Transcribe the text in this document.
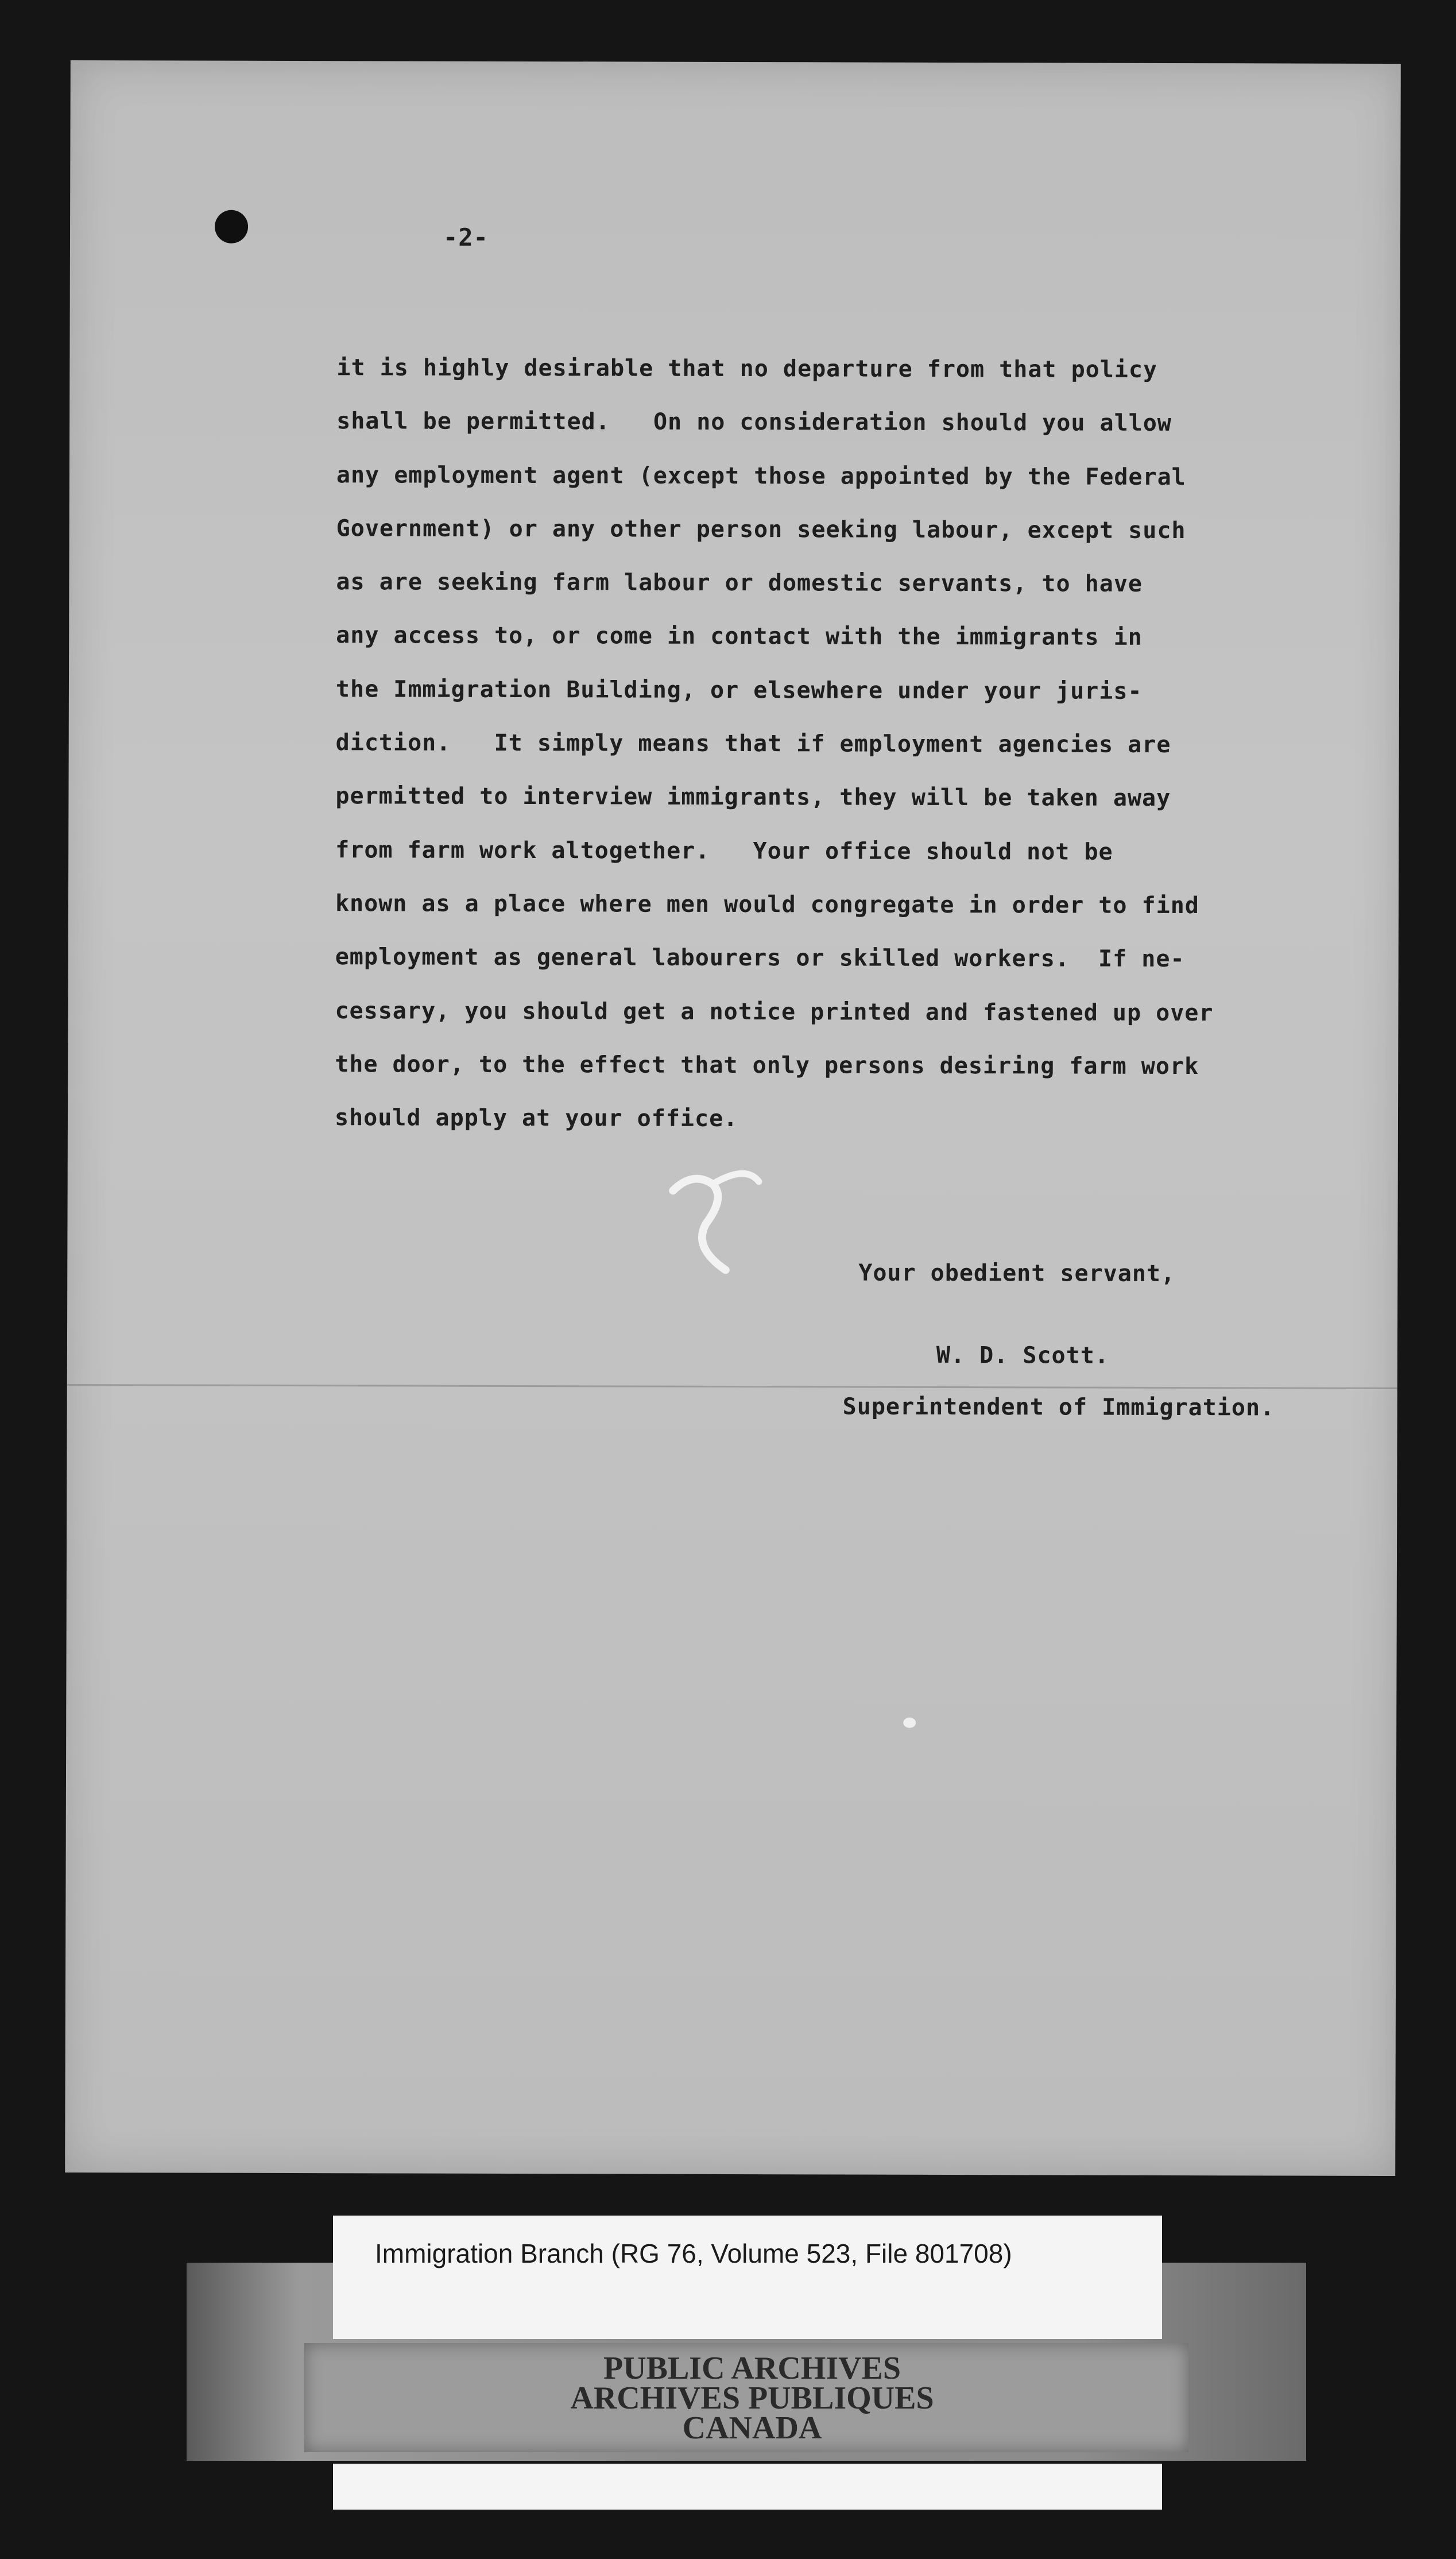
-2-

it is highly desirable that no departure from that policy
shall be permitted.   On no consideration should you allow
any employment agent (except those appointed by the Federal
Government) or any other person seeking labour, except such
as are seeking farm labour or domestic servants, to have
any access to, or come in contact with the immigrants in
the Immigration Building, or elsewhere under your juris-
diction.   It simply means that if employment agencies are
permitted to interview immigrants, they will be taken away
from farm work altogether.   Your office should not be
known as a place where men would congregate in order to find
employment as general labourers or skilled workers.  If ne-
cessary, you should get a notice printed and fastened up over
the door, to the effect that only persons desiring farm work
should apply at your office.

Your obedient servant,

W. D. Scott.

Superintendent of Immigration.

Immigration Branch (RG 76, Volume 523, File 801708)

PUBLIC ARCHIVES
ARCHIVES PUBLIQUES
CANADA
